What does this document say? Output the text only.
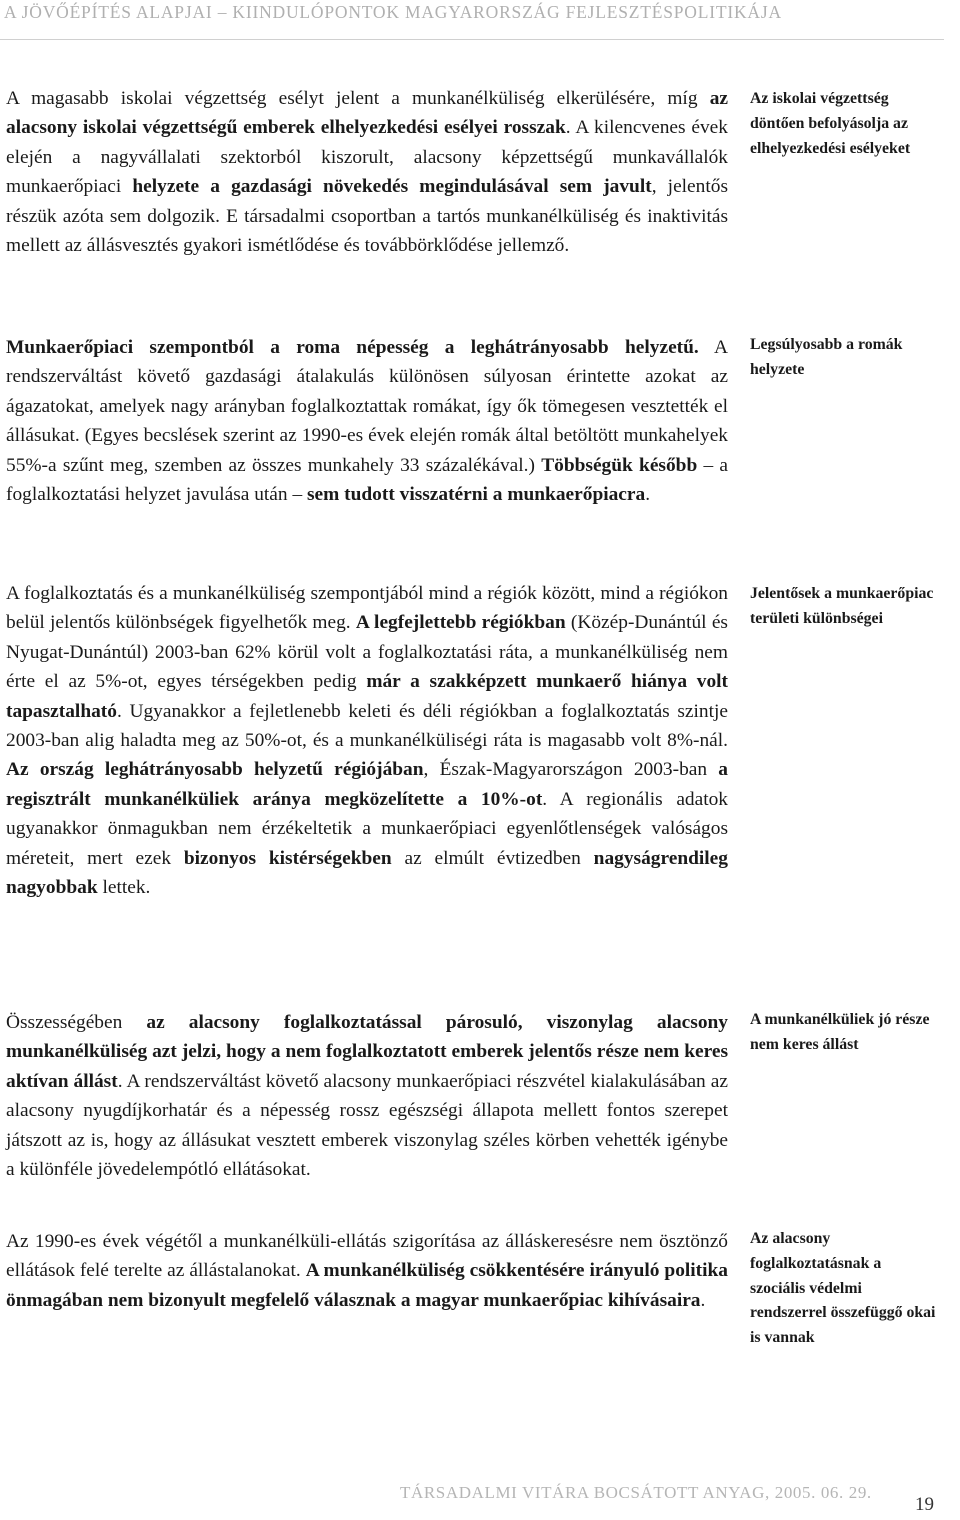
A JÖVŐÉPÍTÉS ALAPJAI – KIINDULÓPONTOK MAGYARORSZÁG FEJLESZTÉSPOLITIKÁJA

A magasabb iskolai végzettség esélyt jelent a munkanélküliség elkerülésére, míg az alacsony iskolai végzettségű emberek elhelyezkedési esélyei rosszak. A kilencvenes évek elején a nagyvállalati szektorból kiszorult, alacsony képzettségű munkavállalók munkaerőpiaci helyzete a gazdasági növekedés megindulásával sem javult, jelentős részük azóta sem dolgozik. E társadalmi csoportban a tartós munkanélküliség és inaktivitás mellett az állásvesztés gyakori ismétlődése és továbbörklődése jellemző.

Munkaerőpiaci szempontból a roma népesség a leghátrányosabb helyzetű. A rendszerváltást követő gazdasági átalakulás különösen súlyosan érintette azokat az ágazatokat, amelyek nagy arányban foglalkoztattak romákat, így ők tömegesen vesztették el állásukat. (Egyes becslések szerint az 1990-es évek elején romák által betöltött munkahelyek 55%-a szűnt meg, szemben az összes munkahely 33 százalékával.) Többségük később – a foglalkoztatási helyzet javulása után – sem tudott visszatérni a munkaerőpiacra.

A foglalkoztatás és a munkanélküliség szempontjából mind a régiók között, mind a régiókon belül jelentős különbségek figyelhetők meg. A legfejlettebb régiókban (Közép-Dunántúl és Nyugat-Dunántúl) 2003-ban 62% körül volt a foglalkoztatási ráta, a munkanélküliség nem érte el az 5%-ot, egyes térségekben pedig már a szakképzett munkaerő hiánya volt tapasztalható. Ugyanakkor a fejletlenebb keleti és déli régiókban a foglalkoztatás szintje 2003-ban alig haladta meg az 50%-ot, és a munkanélküliségi ráta is magasabb volt 8%-nál. Az ország leghátrányosabb helyzetű régiójában, Észak-Magyarországon 2003-ban a regisztrált munkanélküliek aránya megközelítette a 10%-ot. A regionális adatok ugyanakkor önmagukban nem érzékeltetik a munkaerőpiaci egyenlőtlenségek valóságos méreteit, mert ezek bizonyos kistérségekben az elmúlt évtizedben nagyságrendileg nagyobbak lettek.

Összességében az alacsony foglalkoztatással párosuló, viszonylag alacsony munkanélküliség azt jelzi, hogy a nem foglalkoztatott emberek jelentős része nem keres aktívan állást. A rendszerváltást követő alacsony munkaerőpiaci részvétel kialakulásában az alacsony nyugdíjkorhatár és a népesség rossz egészségi állapota mellett fontos szerepet játszott az is, hogy az állásukat vesztett emberek viszonylag széles körben vehették igénybe a különféle jövedelempótló ellátásokat.

Az 1990-es évek végétől a munkanélküli-ellátás szigorítása az álláskeresésre nem ösztönző ellátások felé terelte az állástalanokat. A munkanélküliség csökkentésére irányuló politika önmagában nem bizonyult megfelelő válasznak a magyar munkaerőpiac kihívásaira.

Az iskolai végzettség döntően befolyásolja az elhelyezkedési esélyeket
Legsúlyosabb a romák helyzete
Jelentősek a munkaerőpiac területi különbségei
A munkanélküliek jó része nem keres állást
Az alacsony foglalkoztatásnak a szociális védelmi rendszerrel összefüggő okai is vannak
TÁRSADALMI VITÁRA BOCSÁTOTT ANYAG, 2005. 06. 29.
19
